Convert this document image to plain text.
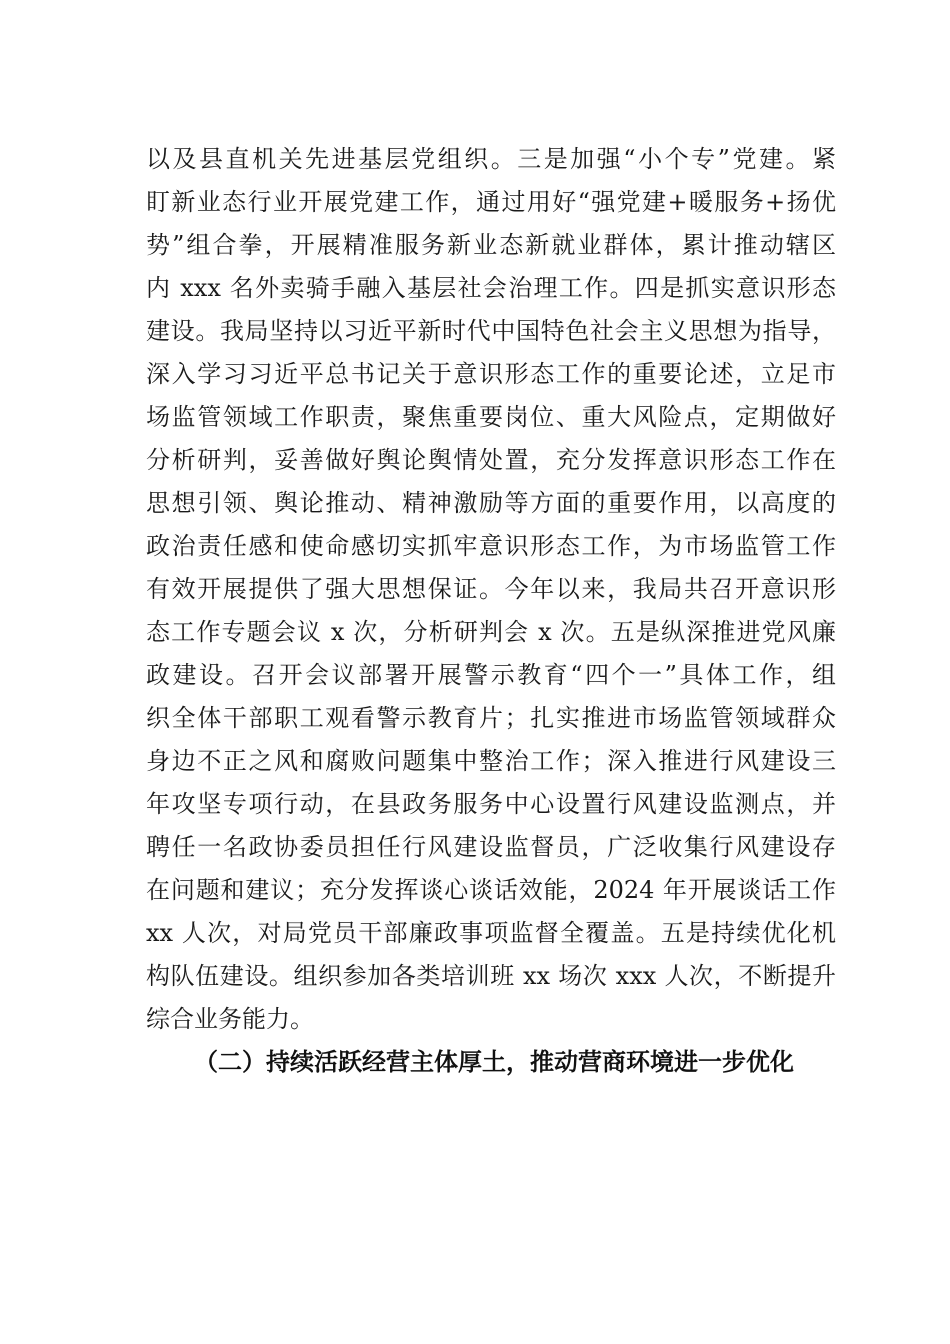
以及县直机关先进基层党组织。三是加强“小个专”党建。紧
盯新业态行业开展党建工作，通过用好“强党建+暖服务+扬优
势”组合拳，开展精准服务新业态新就业群体，累计推动辖区
内 xxx 名外卖骑手融入基层社会治理工作。四是抓实意识形态
建设。我局坚持以习近平新时代中国特色社会主义思想为指导，
深入学习习近平总书记关于意识形态工作的重要论述，立足市
场监管领域工作职责，聚焦重要岗位、重大风险点，定期做好
分析研判，妥善做好舆论舆情处置，充分发挥意识形态工作在
思想引领、舆论推动、精神激励等方面的重要作用，以高度的
政治责任感和使命感切实抓牢意识形态工作，为市场监管工作
有效开展提供了强大思想保证。今年以来，我局共召开意识形
态工作专题会议 x 次，分析研判会 x 次。五是纵深推进党风廉
政建设。召开会议部署开展警示教育“四个一”具体工作，组
织全体干部职工观看警示教育片；扎实推进市场监管领域群众
身边不正之风和腐败问题集中整治工作；深入推进行风建设三
年攻坚专项行动，在县政务服务中心设置行风建设监测点，并
聘任一名政协委员担任行风建设监督员，广泛收集行风建设存
在问题和建议；充分发挥谈心谈话效能，2024 年开展谈话工作
xx 人次，对局党员干部廉政事项监督全覆盖。五是持续优化机
构队伍建设。组织参加各类培训班 xx 场次 xxx 人次，不断提升
综合业务能力。
（二）持续活跃经营主体厚土，推动营商环境进一步优化
